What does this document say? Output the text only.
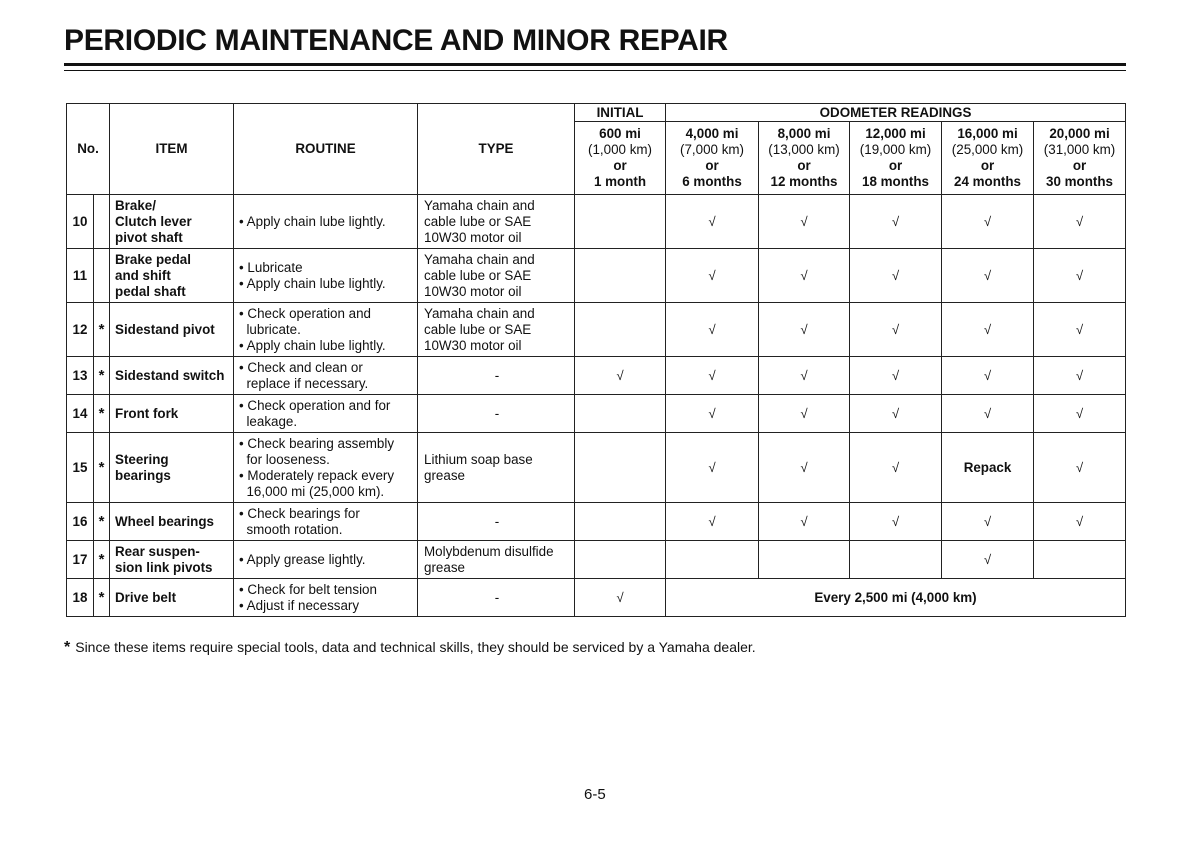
PERIODIC MAINTENANCE AND MINOR REPAIR
No.		ITEM	ROUTINE	TYPE	INITIAL	ODOMETER READINGS				

					600 mi
(1,000 km)
or
1 month	4,000 mi
(7,000 km)
or
6 months	8,000 mi
(13,000 km)
or
12 months	12,000 mi
(19,000 km)
or
18 months	16,000 mi
(25,000 km)
or
24 months	20,000 mi
(31,000 km)
or
30 months

10		Brake/
Clutch lever
pivot shaft	• Apply chain lube lightly.	Yamaha chain and
cable lube or SAE
10W30 motor oil		√	√	√	√	√
11		Brake pedal
and shift
pedal shaft	• Lubricate
• Apply chain lube lightly.	Yamaha chain and
cable lube or SAE
10W30 motor oil		√	√	√	√	√
12	*	Sidestand pivot	• Check operation and
lubricate.
• Apply chain lube lightly.	Yamaha chain and
cable lube or SAE
10W30 motor oil		√	√	√	√	√
13	*	Sidestand switch	• Check and clean or
replace if necessary.	-	√	√	√	√	√	√
14	*	Front fork	• Check operation and for
leakage.	-		√	√	√	√	√
15	*	Steering
bearings	• Check bearing assembly
for looseness.
• Moderately repack every
16,000 mi (25,000 km).	Lithium soap base
grease		√	√	√	Repack	√
16	*	Wheel bearings	• Check bearings for
smooth rotation.	-		√	√	√	√	√
17	*	Rear suspen-
sion link pivots	• Apply grease lightly.	Molybdenum disulfide
grease					√	
18	*	Drive belt	• Check for belt tension
• Adjust if necessary	-	√	Every 2,500 mi (4,000 km)				
* Since these items require special tools, data and technical skills, they should be serviced by a Yamaha dealer.
6-5
